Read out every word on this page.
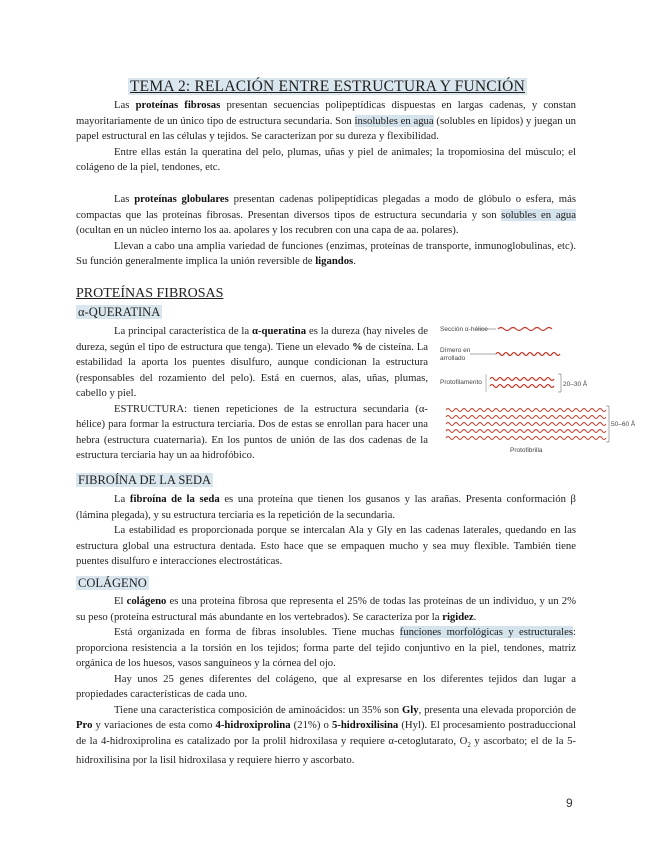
TEMA 2: RELACIÓN ENTRE ESTRUCTURA Y FUNCIÓN

Las proteínas fibrosas presentan secuencias polipeptídicas dispuestas en largas cadenas, y constan mayoritariamente de un único tipo de estructura secundaria. Son insolubles en agua (solubles en lípidos) y juegan un papel estructural en las células y tejidos. Se caracterizan por su dureza y flexibilidad.

Entre ellas están la queratina del pelo, plumas, uñas y piel de animales; la tropomiosina del músculo; el colágeno de la piel, tendones, etc.

Las proteínas globulares presentan cadenas polipeptídicas plegadas a modo de glóbulo o esfera, más compactas que las proteínas fibrosas. Presentan diversos tipos de estructura secundaria y son solubles en agua (ocultan en un núcleo interno los aa. apolares y los recubren con una capa de aa. polares).

Llevan a cabo una amplia variedad de funciones (enzimas, proteínas de transporte, inmunoglobulinas, etc). Su función generalmente implica la unión reversible de ligandos.

PROTEÍNAS FIBROSAS
α-QUERATINA

La principal característica de la α-queratina es la dureza (hay niveles de dureza, según el tipo de estructura que tenga). Tiene un elevado % de cisteína. La estabilidad la aporta los puentes disulfuro, aunque condicionan la estructura (responsables del rozamiento del pelo). Está en cuernos, alas, uñas, plumas, cabello y piel.

ESTRUCTURA: tienen repeticiones de la estructura secundaria (α-hélice) para formar la estructura terciaria. Dos de estas se enrollan para hacer una hebra (estructura cuaternaria). En los puntos de unión de las dos cadenas de la estructura terciaria hay un aa hidrofóbico.

Sección α-hélice
Dímero en
arrollado
Protofilamento	20–30 Å
50–60 Å
Protofibrilla
FIBROÍNA DE LA SEDA

La fibroína de la seda es una proteína que tienen los gusanos y las arañas. Presenta conformación β (lámina plegada), y su estructura terciaria es la repetición de la secundaria.

La estabilidad es proporcionada porque se intercalan Ala y Gly en las cadenas laterales, quedando en las estructura global una estructura dentada. Esto hace que se empaquen mucho y sea muy flexible. También tiene puentes disulfuro e interacciones electrostáticas.

COLÁGENO

El colágeno es una proteína fibrosa que representa el 25% de todas las proteínas de un individuo, y un 2% su peso (proteína estructural más abundante en los vertebrados). Se caracteriza por la rigidez.

Está organizada en forma de fibras insolubles. Tiene muchas funciones morfológicas y estructurales: proporciona resistencia a la torsión en los tejidos; forma parte del tejido conjuntivo en la piel, tendones, matriz orgánica de los huesos, vasos sanguíneos y la córnea del ojo.

Hay unos 25 genes diferentes del colágeno, que al expresarse en los diferentes tejidos dan lugar a propiedades características de cada uno.

Tiene una característica composición de aminoácidos: un 35% son Gly, presenta una elevada proporción de Pro y variaciones de esta como 4-hidroxiprolina (21%) o 5-hidroxilisina (Hyl). El procesamiento postraduccional de la 4-hidroxiprolina es catalizado por la prolil hidroxilasa y requiere α-cetoglutarato, $O_2$ y ascorbato; el de la 5-hidroxilisina por la lisil hidroxilasa y requiere hierro y ascorbato.

9
